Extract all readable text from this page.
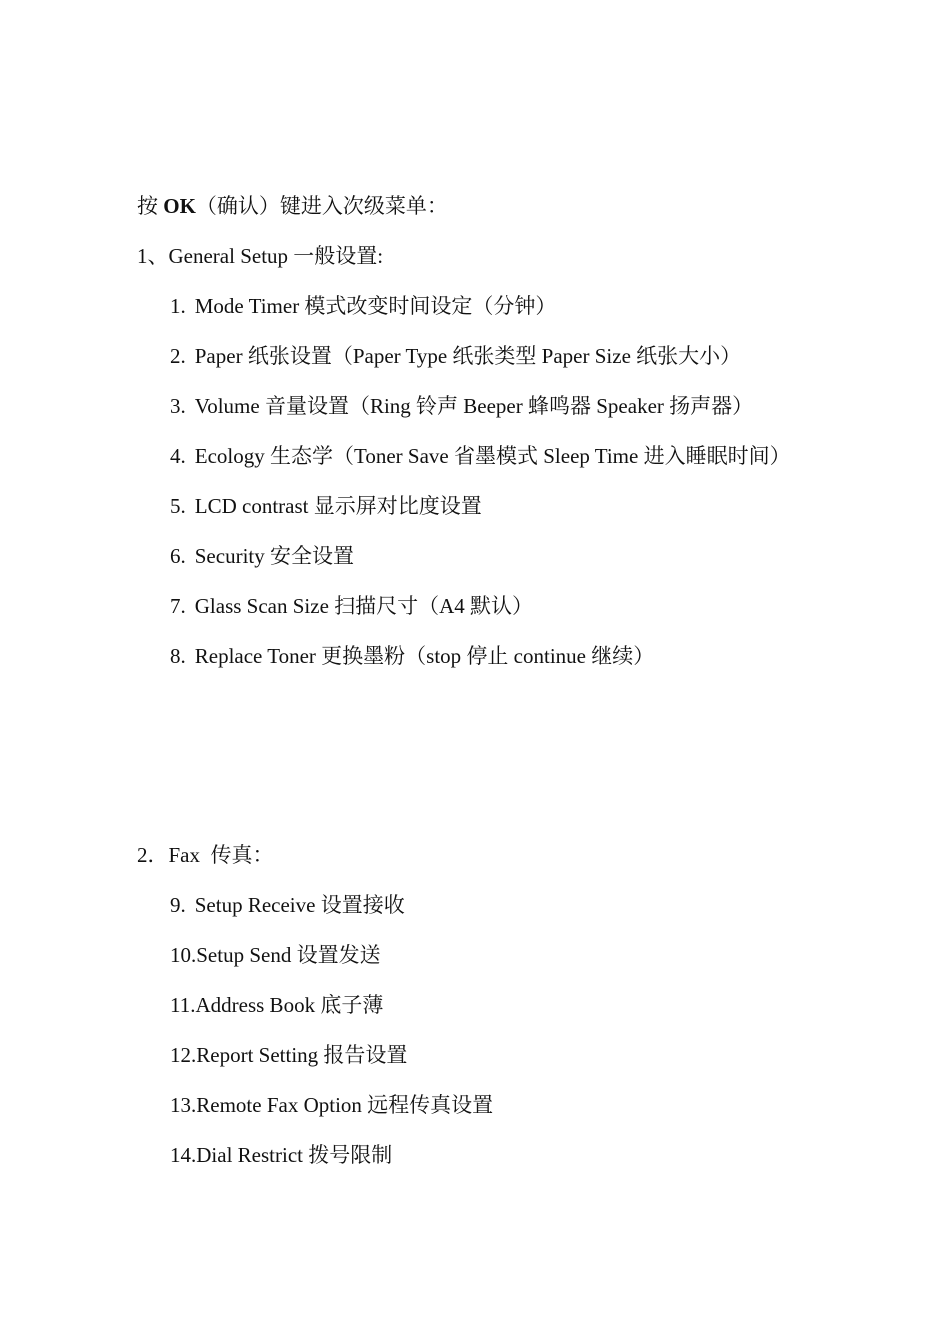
按 OK（确认）键进入次级菜单：
1、General Setup 一般设置:
1. Mode Timer 模式改变时间设定（分钟）
2. Paper 纸张设置（Paper Type 纸张类型 Paper Size 纸张大小）
3. Volume 音量设置（Ring 铃声 Beeper 蜂鸣器 Speaker 扬声器）
4. Ecology 生态学（Toner Save 省墨模式 Sleep Time 进入睡眠时间）
5. LCD contrast 显示屏对比度设置
6. Security 安全设置
7. Glass Scan Size 扫描尺寸（A4 默认）
8. Replace Toner 更换墨粉（stop 停止 continue 继续）
2．Fax  传真：
9. Setup Receive 设置接收
10.Setup Send 设置发送
11.Address Book 底子薄
12.Report Setting 报告设置
13.Remote Fax Option 远程传真设置
14.Dial Restrict 拨号限制
